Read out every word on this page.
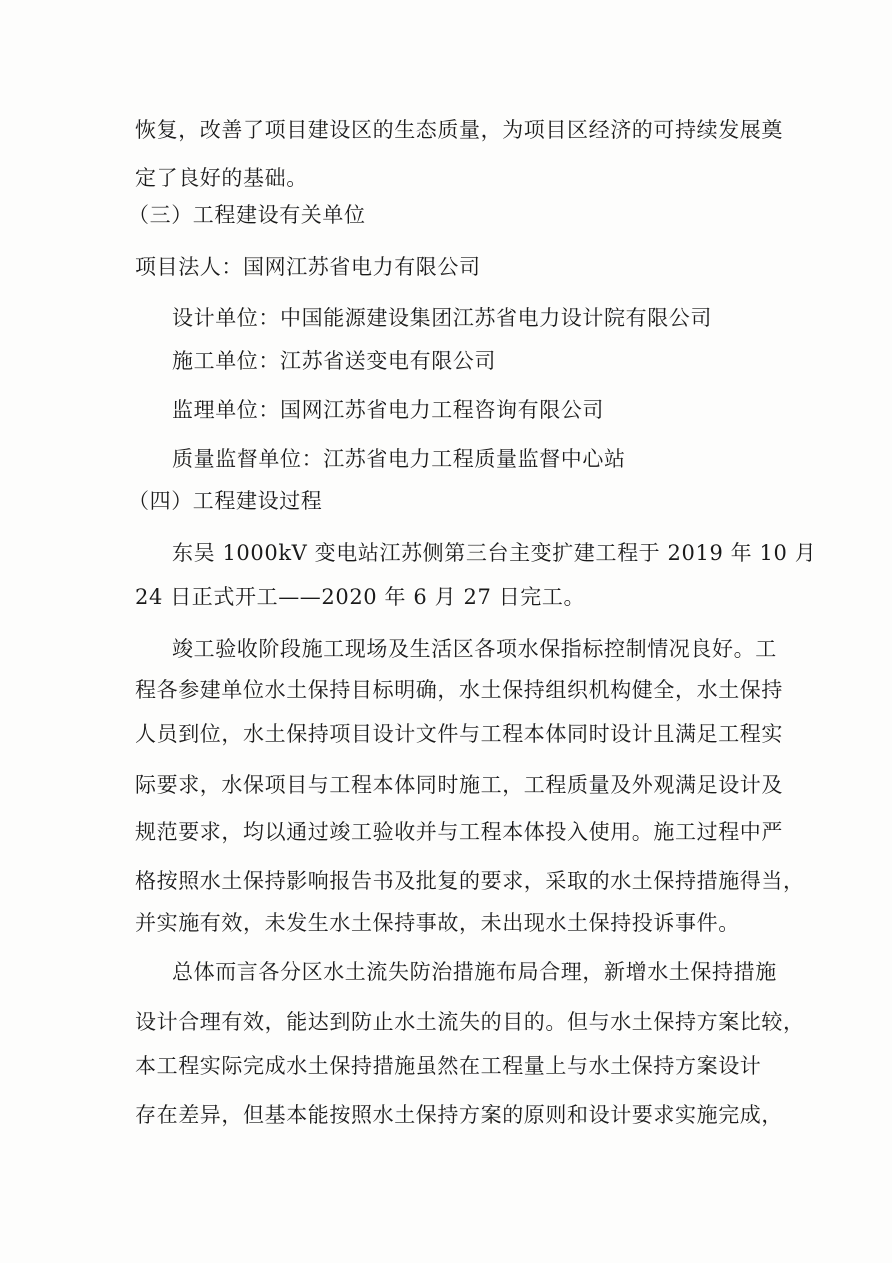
恢复，改善了项目建设区的生态质量，为项目区经济的可持续发展奠
定了良好的基础。
（三）工程建设有关单位
项目法人：国网江苏省电力有限公司
设计单位：中国能源建设集团江苏省电力设计院有限公司
施工单位：江苏省送变电有限公司
监理单位：国网江苏省电力工程咨询有限公司
质量监督单位：江苏省电力工程质量监督中心站
（四）工程建设过程
东吴 1000kV 变电站江苏侧第三台主变扩建工程于 2019 年 10 月
24 日正式开工——2020 年 6 月 27 日完工。
竣工验收阶段施工现场及生活区各项水保指标控制情况良好。工
程各参建单位水土保持目标明确，水土保持组织机构健全，水土保持
人员到位，水土保持项目设计文件与工程本体同时设计且满足工程实
际要求，水保项目与工程本体同时施工，工程质量及外观满足设计及
规范要求，均以通过竣工验收并与工程本体投入使用。施工过程中严
格按照水土保持影响报告书及批复的要求，采取的水土保持措施得当，
并实施有效，未发生水土保持事故，未出现水土保持投诉事件。
总体而言各分区水土流失防治措施布局合理，新增水土保持措施
设计合理有效，能达到防止水土流失的目的。但与水土保持方案比较，
本工程实际完成水土保持措施虽然在工程量上与水土保持方案设计
存在差异，但基本能按照水土保持方案的原则和设计要求实施完成，
